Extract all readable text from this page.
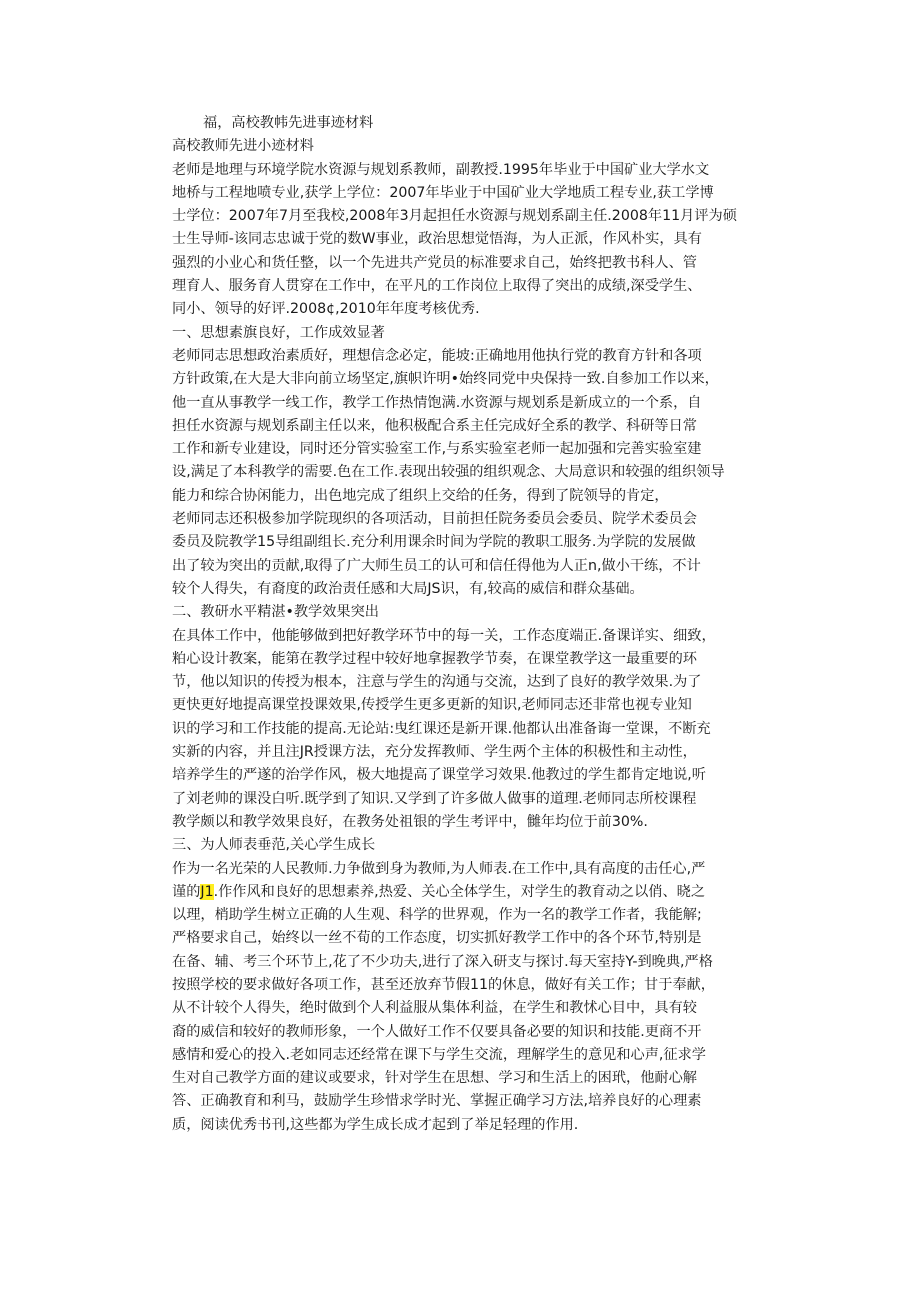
福，高校教帏先进事迹材料

高校教师先进小迹材料

老师是地理与环境学院水资源与规划系教师，副教授.1995年毕业于中国矿业大学水文

地桥与工程地喷专业,获学上学位：2007年毕业于中国矿业大学地质工程专业,获工学博

士学位：2007年7月至我校,2008年3月起担任水资源与规划系副主任.2008年11月评为硕

士生导师-该同志忠诚于党的数W事业，政治思想觉悟海，为人正派，作风朴实，具有

强烈的小业心和货任整，以一个先进共产党员的标准要求自己，始终把教书科人、管

理育人、服务育人贯穿在工作中，在平凡的工作岗位上取得了突出的成绩,深受学生、

同小、领导的好评.2008¢,2010年年度考核优秀.

一、思想素旗良好，工作成效显著

老师同志思想政治素质好，理想信念必定，能坡:正确地用他执行党的教育方针和各项

方针政策,在大是大非向前立场坚定,旗帜许明•始终同党中央保持一致.自参加工作以来，

他一直从事教学一线工作，教学工作热情饱满.水资源与规划系是新成立的一个系，自

担任水资源与规划系副主任以来，他积极配合系主任完成好全系的教学、科研等日常

工作和新专业建设，同时还分管实验室工作,与系实验室老师一起加强和完善实验室建

设,满足了本科教学的需要.色在工作.表现出较强的组织观念、大局意识和较强的组织领导

能力和综合协闲能力，出色地完成了组织上交给的任务，得到了院领导的肯定，

老师同志还积极参加学院现织的各项活动，目前担任院务委员会委员、院学术委员会

委员及院教学15导组副组长.充分利用课余时间为学院的教职工服务.为学院的发展做

出了较为突出的贡献,取得了广大师生员工的认可和信任得他为人正n,做小干练，不计

较个人得失，有裔度的政治责任感和大局JS识，有,较高的威信和群众基础。

二、教研水平精湛•教学效果突出

在具体工作中，他能够做到把好教学环节中的每一关，工作态度端正.备课详实、细致，

粕心设计教案，能第在教学过程中较好地拿握教学节奏，在课堂教学这一最重要的环

节，他以知识的传授为根本，注意与学生的沟通与交流，达到了良好的教学效果.为了

更快更好地提高课堂投课效果,传授学生更多更新的知识,老师同志还非常也视专业知

识的学习和工作技能的提高.无论站:曳红课还是新开课.他都认出准备诲一堂课，不断充

实新的内容，并且注JR授课方法，充分发挥教师、学生两个主体的积极性和主动性，

培养学生的严遂的治学作风，极大地提高了课堂学习效果.他教过的学生都肯定地说,听

了刘老帅的课没白听.既学到了知识.又学到了许多做人做事的道理.老师同志所校课程

教学颇以和教学效果良好，在教务处祖银的学生考评中，雠年均位于前30%.

三、为人师表垂范,关心学生成长

作为一名光荣的人民教师.力争做到身为教师,为人师表.在工作中,具有高度的击任心,严

谨的J1.作作风和良好的思想素养,热爱、关心全体学生，对学生的教育动之以俏、晓之

以理，梢助学生树立正确的人生观、科学的世界观，作为一名的教学工作者，我能解;

严格要求自己，始终以一丝不荀的工作态度，切实抓好教学工作中的各个环节,特别是

在备、辅、考三个环节上,花了不少功夫,进行了深入研支与探讨.每天室持Y-到晚典,严格

按照学校的要求做好各项工作，甚至还放弃节假11的休息，做好有关工作；甘于奉献，

从不计较个人得失，绝时做到个人利益服从集体利益，在学生和教怵心目中，具有较

裔的威信和较好的教师形象，一个人做好工作不仅要具备必要的知识和技能.更商不开

感情和爱心的投入.老如同志还经常在课下与学生交流，理解学生的意见和心声,征求学

生对自己教学方面的建议或要求，针对学生在思想、学习和生活上的困玳，他耐心解

答、正确教育和利马，鼓励学生珍惜求学时光、掌握正确学习方法,培养良好的心理素

质，阅读优秀书刊,这些都为学生成长成才起到了举足轻理的作用.
